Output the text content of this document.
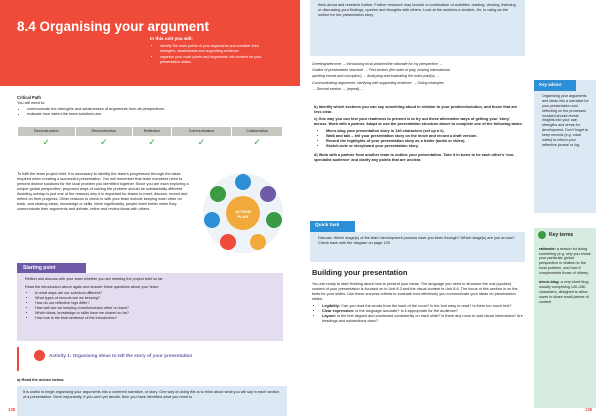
8.4 Organising your argument
In this unit you will:
• identify the main points of your arguments and consider their strengths, weaknesses and supporting evidence
• organise your main points and arguments into content for your presentation slides.
Critical Path
You will need to:
• communicate the strengths and weaknesses of arguments from all perspectives
• evaluate how varied the team solutions are.
Deconstruction	Reconstruction	Reflection	Communication	Collaboration
✓	✓	✓	✓	✓
To fulfil the team project brief, it is necessary to identify the team's progression through the tasks required when creating a successful presentation. You will remember that team members need to present distinct solutions for the local problem you identified together. Since you are each exploring a unique global perspective, proposed ways of solving the problem should be substantially different. Avoiding overlap is just one of the reasons why it is important for teams to meet, discuss, record and reflect on their progress. Other reasons to check in with your team include keeping each other on track, and sharing ideas, knowledge or skills. More significantly, people learn better when they communicate their arguments and debate, refine and review ideas with others.	ACTION PLAN
Starting point
Reflect and discuss with your team whether you are meeting the project brief so far.
Read the introduction above again and answer these questions about your team:
• In what ways are our solutions different?
• What types of records are we keeping?
• How do our reflective logs differ?
• How well are we keeping ourselves/each other on track?
• Which ideas, knowledge or skills have we shared so far?
• How true is the final sentence of the introduction?
Activity 1: Organising ideas to tell the story of your presentation
a) Read the advice below.
It is useful to begin organising your arguments into a coherent narrative, or story. One way of doing this is to think about what you will say in each section of a presentation. More importantly, if you can't yet decide, then you have identified what you need to
138
think about and research further. Further research may include a combination of activities: reading, viewing, listening or discussing your findings, queries and thoughts with others. Look at the sections a student, Jin, is using as the outline for her presentation story.
Greeting/welcome → Introducing local problem/the rationale for my perspective →
Outline of presentation structure → First section (the state of play, hosting international
sporting events and corruption) → Analysing and evaluating the main point(s) →
Communicating arguments; clarifying with supporting evidence → Giving examples
→ Second section → (repeat) ...
b) Identify which sections you can say something about in relation to your problem/solution, and those that are less clear.
c) One way you can test your readiness to present is to try out these alternative ways of getting your 'story' across. Work with a partner. Adapt or use the presentation structure above to complete one of the following tasks:
• Micro-blog your presentation story in 140 characters (set up a #).
• Walk and talk – tell your presentation story on the move and record a draft version.
• Record the highlights of your presentation story as a trailer (audio or video).
• Sketch-note or storyboard your presentation story.
d) Work with a partner from another team to outline your presentation. Take it in turns to be each other's 'non-specialist audience' and clarify any points that are unclear.
Organising your arguments and ideas into a narrative for your presentation and reflecting on the processes involved should reveal insights into your own strengths and areas for development. Don't forget to keep records (e.g. voice notes) to inform your reflective journal or log.
Key advice
Quick task
Discuss: Which stage(s) of the team development process have you been through? Which stage(s) are you at now? Check back with the diagram on page 129.
Building your presentation
You are ready to start thinking about how to present your ideas. The language you need to structure the oral (spoken) content of your presentation is focused on in Unit 8.3 and the visual content in Unit 8.6. The focus of this section is on the texts for your slides. Use these success criteria to evaluate how effectively you communicate your ideas on presentation slides:
• Legibility: Can you read the words from the back of the room? Is the font easy to read? Is there too much text?
• Clear expression: Is the language accurate? Is it appropriate for the audience?
• Layout: Is the text aligned and positioned consistently on each slide? Is there any room to add visual information? Are headings and subsections clear?
Key terms
rationale: a reason for doing something (e.g. why you chose your particular global perspective in relation to the local problem, and how it complements those of others)
micro-blog: a very short blog, usually comprising 140–280 characters, designed to allow users to share small pieces of content
139
